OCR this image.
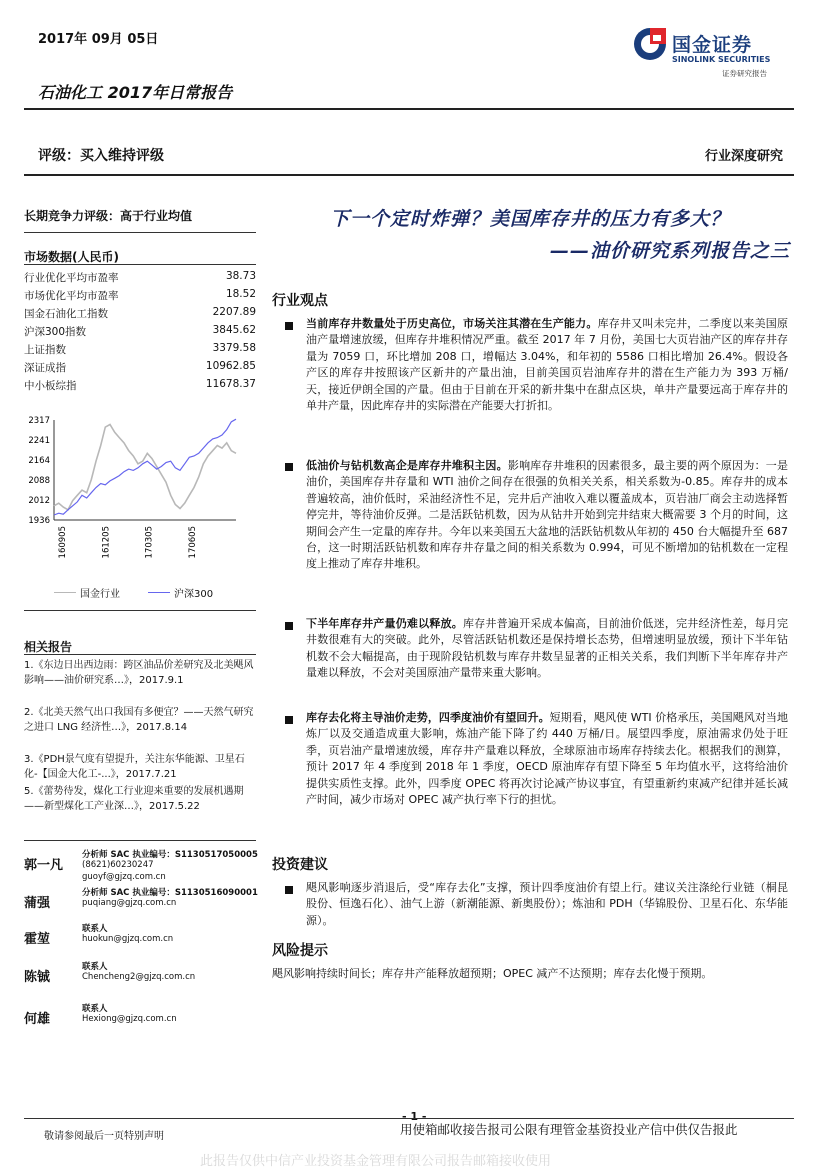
2017年 09月 05日
石油化工 2017年日常报告
评级：买入维持评级	行业深度研究
国金证券
SINOLINK SECURITIES
证券研究报告
长期竞争力评级：高于行业均值
市场数据(人民币)
行业优化平均市盈率	38.73
市场优化平均市盈率	18.52
国金石油化工指数	2207.89
沪深300指数	3845.62
上证指数	3379.58
深证成指	10962.85
中小板综指	11678.37
2317
2241
2164
2088
2012
1936
160905	161205	170305	170605
国金行业	沪深300
相关报告
1.《东边日出西边雨：跨区油品价差研究及北美飓风影响——油价研究系…》，2017.9.1
2.《北美天然气出口我国有多便宜？——天然气研究之进口 LNG 经济性…》，2017.8.14
3.《PDH景气度有望提升，关注东华能源、卫星石化-【国金大化工-...》，2017.7.21
5.《蕾势待发，煤化工行业迎来重要的发展机遇期——新型煤化工产业深…》，2017.5.22
郭一凡
分析师 SAC 执业编号：S1130517050005
(8621)60230247
guoyf@gjzq.com.cn
蒲强
分析师 SAC 执业编号：S1130516090001
puqiang@gjzq.com.cn
霍堃
联系人
huokun@gjzq.com.cn
陈铖
联系人
Chencheng2@gjzq.com.cn
何雄
联系人
Hexiong@gjzq.com.cn
下一个定时炸弹？美国库存井的压力有多大？
——油价研究系列报告之三
行业观点
当前库存井数量处于历史高位，市场关注其潜在生产能力。库存井又叫未完井，二季度以来美国原油产量增速放缓，但库存井堆积情况严重。截至 2017 年 7 月份，美国七大页岩油产区的库存井存量为 7059 口，环比增加 208 口，增幅达 3.04%，和年初的 5586 口相比增加 26.4%。假设各产区的库存井按照该产区新井的产量出油，目前美国页岩油库存井的潜在生产能力为 393 万桶/天，接近伊朗全国的产量。但由于目前在开采的新井集中在甜点区块，单井产量要远高于库存井的单井产量，因此库存井的实际潜在产能要大打折扣。
低油价与钻机数高企是库存井堆积主因。影响库存井堆积的因素很多，最主要的两个原因为：一是油价，美国库存井存量和 WTI 油价之间存在很强的负相关关系，相关系数为-0.85。库存井的成本普遍较高，油价低时，采油经济性不足，完井后产油收入难以覆盖成本，页岩油厂商会主动选择暂停完井，等待油价反弹。二是活跃钻机数，因为从钻井开始到完井结束大概需要 3 个月的时间，这期间会产生一定量的库存井。今年以来美国五大盆地的活跃钻机数从年初的 450 台大幅提升至 687 台，这一时期活跃钻机数和库存井存量之间的相关系数为 0.994，可见不断增加的钻机数在一定程度上推动了库存井堆积。
下半年库存井产量仍难以释放。库存井普遍开采成本偏高，目前油价低迷，完井经济性差，每月完井数很难有大的突破。此外，尽管活跃钻机数还是保持增长态势，但增速明显放缓，预计下半年钻机数不会大幅提高，由于现阶段钻机数与库存井数呈显著的正相关关系，我们判断下半年库存井产量难以释放，不会对美国原油产量带来重大影响。
库存去化将主导油价走势，四季度油价有望回升。短期看，飓风使 WTI 价格承压，美国飓风对当地炼厂以及交通造成重大影响，炼油产能下降了约 440 万桶/日。展望四季度，原油需求仍处于旺季，页岩油产量增速放缓，库存井产量难以释放，全球原油市场库存持续去化。根据我们的测算，预计 2017 年 4 季度到 2018 年 1 季度，OECD 原油库存有望下降至 5 年均值水平，这将给油价提供实质性支撑。此外，四季度 OPEC 将再次讨论减产协议事宜，有望重新约束减产纪律并延长减产时间，减少市场对 OPEC 减产执行率下行的担忧。
投资建议
飓风影响逐步消退后，受“库存去化”支撑，预计四季度油价有望上行。建议关注涤纶行业链（桐昆股份、恒逸石化）、油气上游（新潮能源、新奥股份）；炼油和 PDH（华锦股份、卫星石化、东华能源）。
风险提示
飓风影响持续时间长；库存井产能释放超预期；OPEC 减产不达预期；库存去化慢于预期。
- 1 -
敬请参阅最后一页特别声明	用使箱邮收接告报司公限有理管金基资投业产信中供仅告报此
此报告仅供中信产业投资基金管理有限公司报告邮箱接收使用
